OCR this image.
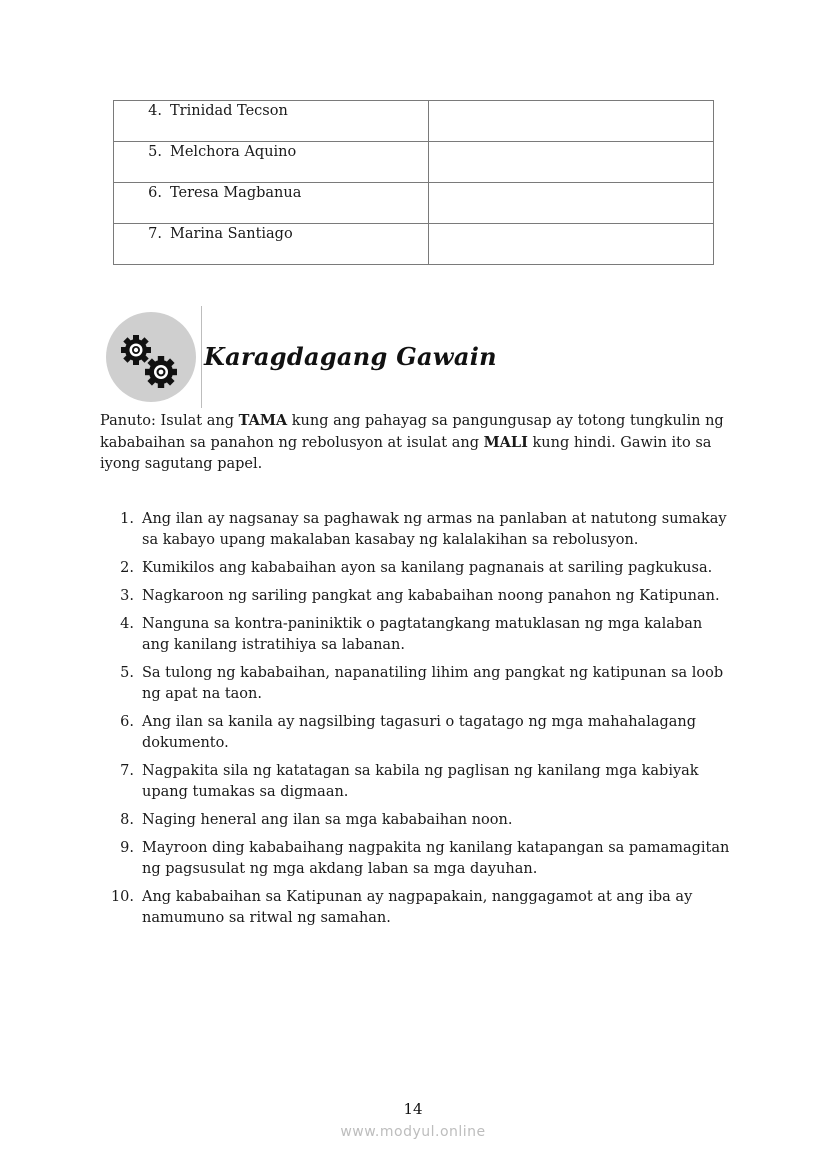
4. Trinidad Tecson	

5. Melchora Aquino	

6. Teresa Magbanua	

7. Marina Santiago	

Karagdagang Gawain
Panuto: Isulat ang TAMA kung ang pahayag sa pangungusap ay totong tungkulin ng kababaihan sa panahon ng rebolusyon at isulat ang MALI kung hindi. Gawin ito sa iyong sagutang papel.
1. Ang ilan ay nagsanay sa paghawak ng armas na panlaban at natutong sumakay sa kabayo upang makalaban kasabay ng kalalakihan sa rebolusyon.
2. Kumikilos ang kababaihan ayon sa kanilang pagnanais at sariling pagkukusa.
3. Nagkaroon ng sariling pangkat ang kababaihan noong panahon ng Katipunan.
4. Nanguna sa kontra-paniniktik o pagtatangkang matuklasan ng mga kalaban ang kanilang istratihiya sa labanan.
5. Sa tulong ng kababaihan, napanatiling lihim ang pangkat ng katipunan sa loob ng apat na taon.
6. Ang ilan sa kanila ay nagsilbing tagasuri o tagatago ng mga mahahalagang dokumento.
7. Nagpakita sila ng katatagan sa kabila ng paglisan ng kanilang mga kabiyak upang tumakas sa digmaan.
8. Naging heneral ang ilan sa mga kababaihan noon.
9. Mayroon ding kababaihang nagpakita ng kanilang katapangan sa pamamagitan ng pagsusulat ng mga akdang laban sa mga dayuhan.
10. Ang kababaihan sa Katipunan ay nagpapakain, nanggagamot at ang iba ay namumuno sa ritwal ng samahan.
14
www.modyul.online
